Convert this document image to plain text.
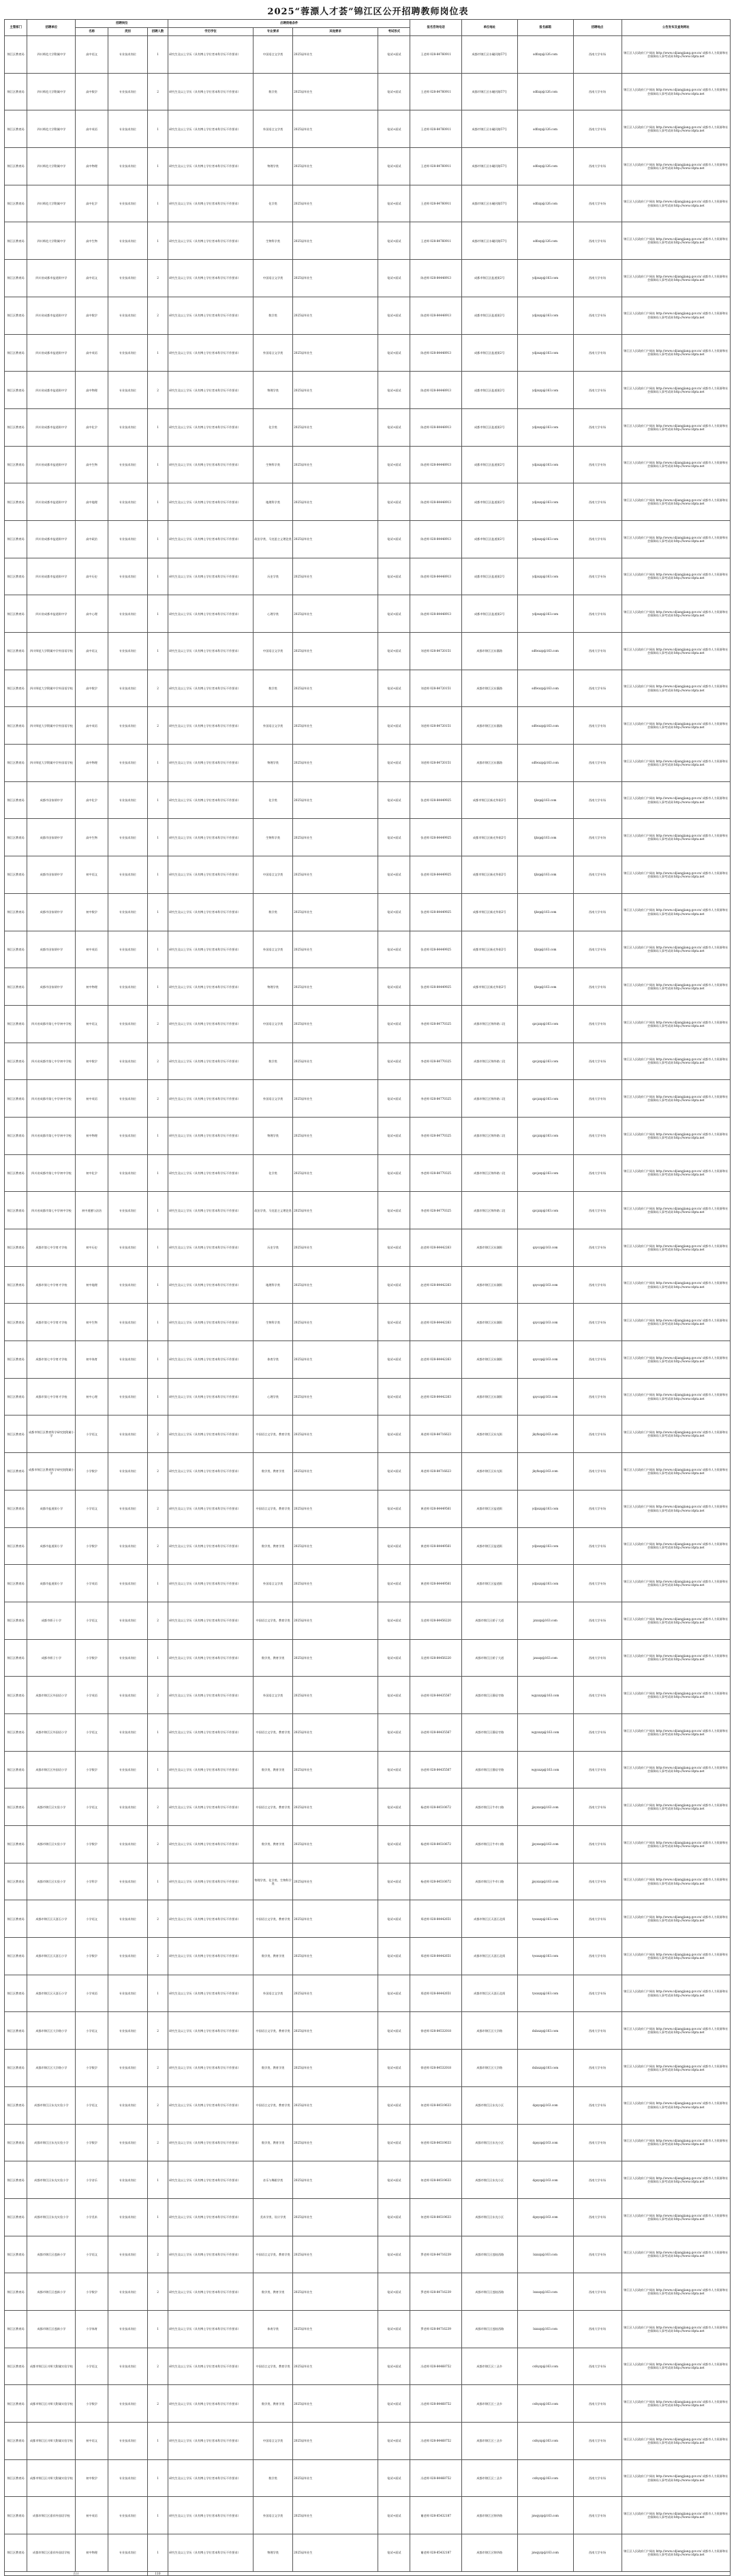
2025“蓉漂人才荟”锦江区公开招聘教师岗位表
主管部门	招聘单位	招聘岗位			应聘资格条件				报名咨询电话	单位地址	报名邮箱	招聘地点	公告发布及查询网址
		名称	类别	招聘人数	学历学位	专业要求	其他要求	考试形式					
锦江区教育局	四川师范大学附属中学	高中语文	专业技术岗位	1	研究生及以上学历（具有博士学位者本科学历不作要求）	中国语言文学类	2025届毕业生	笔试+面试	王老师 028-84760911	成都市锦江区水碾河路57号	sdfzzp@126.com	西南大学专场	锦江区人民政府门户网站 http://www.cdjiangjiang.gov.cn/ 成都市人力资源和社会保障局人事考试网 http://www.cdpta.net
锦江区教育局	四川师范大学附属中学	高中数学	专业技术岗位	2	研究生及以上学历（具有博士学位者本科学历不作要求）	数学类	2025届毕业生	笔试+面试	王老师 028-84760911	成都市锦江区水碾河路57号	sdfzzp@126.com	西南大学专场	锦江区人民政府门户网站 http://www.cdjiangjiang.gov.cn/ 成都市人力资源和社会保障局人事考试网 http://www.cdpta.net
锦江区教育局	四川师范大学附属中学	高中英语	专业技术岗位	1	研究生及以上学历（具有博士学位者本科学历不作要求）	外国语言文学类	2025届毕业生	笔试+面试	王老师 028-84760911	成都市锦江区水碾河路57号	sdfzzp@126.com	西南大学专场	锦江区人民政府门户网站 http://www.cdjiangjiang.gov.cn/ 成都市人力资源和社会保障局人事考试网 http://www.cdpta.net
锦江区教育局	四川师范大学附属中学	高中物理	专业技术岗位	1	研究生及以上学历（具有博士学位者本科学历不作要求）	物理学类	2025届毕业生	笔试+面试	王老师 028-84760911	成都市锦江区水碾河路57号	sdfzzp@126.com	西南大学专场	锦江区人民政府门户网站 http://www.cdjiangjiang.gov.cn/ 成都市人力资源和社会保障局人事考试网 http://www.cdpta.net
锦江区教育局	四川师范大学附属中学	高中化学	专业技术岗位	1	研究生及以上学历（具有博士学位者本科学历不作要求）	化学类	2025届毕业生	笔试+面试	王老师 028-84760911	成都市锦江区水碾河路57号	sdfzzp@126.com	西南大学专场	锦江区人民政府门户网站 http://www.cdjiangjiang.gov.cn/ 成都市人力资源和社会保障局人事考试网 http://www.cdpta.net
锦江区教育局	四川师范大学附属中学	高中生物	专业技术岗位	1	研究生及以上学历（具有博士学位者本科学历不作要求）	生物科学类	2025届毕业生	笔试+面试	王老师 028-84760911	成都市锦江区水碾河路57号	sdfzzp@126.com	西南大学专场	锦江区人民政府门户网站 http://www.cdjiangjiang.gov.cn/ 成都市人力资源和社会保障局人事考试网 http://www.cdpta.net
锦江区教育局	四川省成都市盐道街中学	高中语文	专业技术岗位	2	研究生及以上学历（具有博士学位者本科学历不作要求）	中国语言文学类	2025届毕业生	笔试+面试	陈老师 028-84448913	成都市锦江区盐道街2号	ydjzxzp@163.com	西南大学专场	锦江区人民政府门户网站 http://www.cdjiangjiang.gov.cn/ 成都市人力资源和社会保障局人事考试网 http://www.cdpta.net
锦江区教育局	四川省成都市盐道街中学	高中数学	专业技术岗位	2	研究生及以上学历（具有博士学位者本科学历不作要求）	数学类	2025届毕业生	笔试+面试	陈老师 028-84448913	成都市锦江区盐道街2号	ydjzxzp@163.com	西南大学专场	锦江区人民政府门户网站 http://www.cdjiangjiang.gov.cn/ 成都市人力资源和社会保障局人事考试网 http://www.cdpta.net
锦江区教育局	四川省成都市盐道街中学	高中英语	专业技术岗位	1	研究生及以上学历（具有博士学位者本科学历不作要求）	外国语言文学类	2025届毕业生	笔试+面试	陈老师 028-84448913	成都市锦江区盐道街2号	ydjzxzp@163.com	西南大学专场	锦江区人民政府门户网站 http://www.cdjiangjiang.gov.cn/ 成都市人力资源和社会保障局人事考试网 http://www.cdpta.net
锦江区教育局	四川省成都市盐道街中学	高中物理	专业技术岗位	2	研究生及以上学历（具有博士学位者本科学历不作要求）	物理学类	2025届毕业生	笔试+面试	陈老师 028-84448913	成都市锦江区盐道街2号	ydjzxzp@163.com	西南大学专场	锦江区人民政府门户网站 http://www.cdjiangjiang.gov.cn/ 成都市人力资源和社会保障局人事考试网 http://www.cdpta.net
锦江区教育局	四川省成都市盐道街中学	高中化学	专业技术岗位	1	研究生及以上学历（具有博士学位者本科学历不作要求）	化学类	2025届毕业生	笔试+面试	陈老师 028-84448913	成都市锦江区盐道街2号	ydjzxzp@163.com	西南大学专场	锦江区人民政府门户网站 http://www.cdjiangjiang.gov.cn/ 成都市人力资源和社会保障局人事考试网 http://www.cdpta.net
锦江区教育局	四川省成都市盐道街中学	高中生物	专业技术岗位	1	研究生及以上学历（具有博士学位者本科学历不作要求）	生物科学类	2025届毕业生	笔试+面试	陈老师 028-84448913	成都市锦江区盐道街2号	ydjzxzp@163.com	西南大学专场	锦江区人民政府门户网站 http://www.cdjiangjiang.gov.cn/ 成都市人力资源和社会保障局人事考试网 http://www.cdpta.net
锦江区教育局	四川省成都市盐道街中学	高中地理	专业技术岗位	1	研究生及以上学历（具有博士学位者本科学历不作要求）	地理科学类	2025届毕业生	笔试+面试	陈老师 028-84448913	成都市锦江区盐道街2号	ydjzxzp@163.com	西南大学专场	锦江区人民政府门户网站 http://www.cdjiangjiang.gov.cn/ 成都市人力资源和社会保障局人事考试网 http://www.cdpta.net
锦江区教育局	四川省成都市盐道街中学	高中政治	专业技术岗位	1	研究生及以上学历（具有博士学位者本科学历不作要求）	政治学类、马克思主义理论类	2025届毕业生	笔试+面试	陈老师 028-84448913	成都市锦江区盐道街2号	ydjzxzp@163.com	西南大学专场	锦江区人民政府门户网站 http://www.cdjiangjiang.gov.cn/ 成都市人力资源和社会保障局人事考试网 http://www.cdpta.net
锦江区教育局	四川省成都市盐道街中学	高中历史	专业技术岗位	1	研究生及以上学历（具有博士学位者本科学历不作要求）	历史学类	2025届毕业生	笔试+面试	陈老师 028-84448913	成都市锦江区盐道街2号	ydjzxzp@163.com	西南大学专场	锦江区人民政府门户网站 http://www.cdjiangjiang.gov.cn/ 成都市人力资源和社会保障局人事考试网 http://www.cdpta.net
锦江区教育局	四川省成都市盐道街中学	高中心理	专业技术岗位	1	研究生及以上学历（具有博士学位者本科学历不作要求）	心理学类	2025届毕业生	笔试+面试	陈老师 028-84448913	成都市锦江区盐道街2号	ydjzxzp@163.com	西南大学专场	锦江区人民政府门户网站 http://www.cdjiangjiang.gov.cn/ 成都市人力资源和社会保障局人事考试网 http://www.cdpta.net
锦江区教育局	四川师范大学附属中学外国语学校	高中语文	专业技术岗位	1	研究生及以上学历（具有博士学位者本科学历不作要求）	中国语言文学类	2025届毕业生	笔试+面试	刘老师 028-84720151	成都市锦江区东篱路	sdfwxzp@163.com	西南大学专场	锦江区人民政府门户网站 http://www.cdjiangjiang.gov.cn/ 成都市人力资源和社会保障局人事考试网 http://www.cdpta.net
锦江区教育局	四川师范大学附属中学外国语学校	高中数学	专业技术岗位	2	研究生及以上学历（具有博士学位者本科学历不作要求）	数学类	2025届毕业生	笔试+面试	刘老师 028-84720151	成都市锦江区东篱路	sdfwxzp@163.com	西南大学专场	锦江区人民政府门户网站 http://www.cdjiangjiang.gov.cn/ 成都市人力资源和社会保障局人事考试网 http://www.cdpta.net
锦江区教育局	四川师范大学附属中学外国语学校	高中英语	专业技术岗位	2	研究生及以上学历（具有博士学位者本科学历不作要求）	外国语言文学类	2025届毕业生	笔试+面试	刘老师 028-84720151	成都市锦江区东篱路	sdfwxzp@163.com	西南大学专场	锦江区人民政府门户网站 http://www.cdjiangjiang.gov.cn/ 成都市人力资源和社会保障局人事考试网 http://www.cdpta.net
锦江区教育局	四川师范大学附属中学外国语学校	高中物理	专业技术岗位	1	研究生及以上学历（具有博士学位者本科学历不作要求）	物理学类	2025届毕业生	笔试+面试	刘老师 028-84720151	成都市锦江区东篱路	sdfwxzp@163.com	西南大学专场	锦江区人民政府门户网站 http://www.cdjiangjiang.gov.cn/ 成都市人力资源和社会保障局人事考试网 http://www.cdpta.net
锦江区教育局	成都市田家炳中学	高中化学	专业技术岗位	1	研究生及以上学历（具有博士学位者本科学历不作要求）	化学类	2025届毕业生	笔试+面试	张老师 028-84449925	成都市锦江区新光华街2号	tjbzp@163.com	西南大学专场	锦江区人民政府门户网站 http://www.cdjiangjiang.gov.cn/ 成都市人力资源和社会保障局人事考试网 http://www.cdpta.net
锦江区教育局	成都市田家炳中学	高中生物	专业技术岗位	1	研究生及以上学历（具有博士学位者本科学历不作要求）	生物科学类	2025届毕业生	笔试+面试	张老师 028-84449925	成都市锦江区新光华街2号	tjbzp@163.com	西南大学专场	锦江区人民政府门户网站 http://www.cdjiangjiang.gov.cn/ 成都市人力资源和社会保障局人事考试网 http://www.cdpta.net
锦江区教育局	成都市田家炳中学	初中语文	专业技术岗位	1	研究生及以上学历（具有博士学位者本科学历不作要求）	中国语言文学类	2025届毕业生	笔试+面试	张老师 028-84449925	成都市锦江区新光华街2号	tjbzp@163.com	西南大学专场	锦江区人民政府门户网站 http://www.cdjiangjiang.gov.cn/ 成都市人力资源和社会保障局人事考试网 http://www.cdpta.net
锦江区教育局	成都市田家炳中学	初中数学	专业技术岗位	1	研究生及以上学历（具有博士学位者本科学历不作要求）	数学类	2025届毕业生	笔试+面试	张老师 028-84449925	成都市锦江区新光华街2号	tjbzp@163.com	西南大学专场	锦江区人民政府门户网站 http://www.cdjiangjiang.gov.cn/ 成都市人力资源和社会保障局人事考试网 http://www.cdpta.net
锦江区教育局	成都市田家炳中学	初中英语	专业技术岗位	1	研究生及以上学历（具有博士学位者本科学历不作要求）	外国语言文学类	2025届毕业生	笔试+面试	张老师 028-84449925	成都市锦江区新光华街2号	tjbzp@163.com	西南大学专场	锦江区人民政府门户网站 http://www.cdjiangjiang.gov.cn/ 成都市人力资源和社会保障局人事考试网 http://www.cdpta.net
锦江区教育局	成都市田家炳中学	初中物理	专业技术岗位	1	研究生及以上学历（具有博士学位者本科学历不作要求）	物理学类	2025届毕业生	笔试+面试	张老师 028-84449925	成都市锦江区新光华街2号	tjbzp@163.com	西南大学专场	锦江区人民政府门户网站 http://www.cdjiangjiang.gov.cn/ 成都市人力资源和社会保障局人事考试网 http://www.cdpta.net
锦江区教育局	四川省成都市第七中学初中学校	初中语文	专业技术岗位	2	研究生及以上学历（具有博士学位者本科学历不作要求）	中国语言文学类	2025届毕业生	笔试+面试	李老师 028-84770325	成都市锦江区锦华路二段	qzcjzzp@163.com	西南大学专场	锦江区人民政府门户网站 http://www.cdjiangjiang.gov.cn/ 成都市人力资源和社会保障局人事考试网 http://www.cdpta.net
锦江区教育局	四川省成都市第七中学初中学校	初中数学	专业技术岗位	2	研究生及以上学历（具有博士学位者本科学历不作要求）	数学类	2025届毕业生	笔试+面试	李老师 028-84770325	成都市锦江区锦华路二段	qzcjzzp@163.com	西南大学专场	锦江区人民政府门户网站 http://www.cdjiangjiang.gov.cn/ 成都市人力资源和社会保障局人事考试网 http://www.cdpta.net
锦江区教育局	四川省成都市第七中学初中学校	初中英语	专业技术岗位	2	研究生及以上学历（具有博士学位者本科学历不作要求）	外国语言文学类	2025届毕业生	笔试+面试	李老师 028-84770325	成都市锦江区锦华路二段	qzcjzzp@163.com	西南大学专场	锦江区人民政府门户网站 http://www.cdjiangjiang.gov.cn/ 成都市人力资源和社会保障局人事考试网 http://www.cdpta.net
锦江区教育局	四川省成都市第七中学初中学校	初中物理	专业技术岗位	1	研究生及以上学历（具有博士学位者本科学历不作要求）	物理学类	2025届毕业生	笔试+面试	李老师 028-84770325	成都市锦江区锦华路二段	qzcjzzp@163.com	西南大学专场	锦江区人民政府门户网站 http://www.cdjiangjiang.gov.cn/ 成都市人力资源和社会保障局人事考试网 http://www.cdpta.net
锦江区教育局	四川省成都市第七中学初中学校	初中化学	专业技术岗位	1	研究生及以上学历（具有博士学位者本科学历不作要求）	化学类	2025届毕业生	笔试+面试	李老师 028-84770325	成都市锦江区锦华路二段	qzcjzzp@163.com	西南大学专场	锦江区人民政府门户网站 http://www.cdjiangjiang.gov.cn/ 成都市人力资源和社会保障局人事考试网 http://www.cdpta.net
锦江区教育局	四川省成都市第七中学初中学校	初中道德与法治	专业技术岗位	1	研究生及以上学历（具有博士学位者本科学历不作要求）	政治学类、马克思主义理论类	2025届毕业生	笔试+面试	李老师 028-84770325	成都市锦江区锦华路二段	qzcjzzp@163.com	西南大学专场	锦江区人民政府门户网站 http://www.cdjiangjiang.gov.cn/ 成都市人力资源和社会保障局人事考试网 http://www.cdpta.net
锦江区教育局	成都市第七中学育才学校	初中历史	专业技术岗位	1	研究生及以上学历（具有博士学位者本科学历不作要求）	历史学类	2025届毕业生	笔试+面试	赵老师 028-84442263	成都市锦江区东湖街	qzyczp@163.com	西南大学专场	锦江区人民政府门户网站 http://www.cdjiangjiang.gov.cn/ 成都市人力资源和社会保障局人事考试网 http://www.cdpta.net
锦江区教育局	成都市第七中学育才学校	初中地理	专业技术岗位	1	研究生及以上学历（具有博士学位者本科学历不作要求）	地理科学类	2025届毕业生	笔试+面试	赵老师 028-84442263	成都市锦江区东湖街	qzyczp@163.com	西南大学专场	锦江区人民政府门户网站 http://www.cdjiangjiang.gov.cn/ 成都市人力资源和社会保障局人事考试网 http://www.cdpta.net
锦江区教育局	成都市第七中学育才学校	初中生物	专业技术岗位	1	研究生及以上学历（具有博士学位者本科学历不作要求）	生物科学类	2025届毕业生	笔试+面试	赵老师 028-84442263	成都市锦江区东湖街	qzyczp@163.com	西南大学专场	锦江区人民政府门户网站 http://www.cdjiangjiang.gov.cn/ 成都市人力资源和社会保障局人事考试网 http://www.cdpta.net
锦江区教育局	成都市第七中学育才学校	初中体育	专业技术岗位	1	研究生及以上学历（具有博士学位者本科学历不作要求）	体育学类	2025届毕业生	笔试+面试	赵老师 028-84442263	成都市锦江区东湖街	qzyczp@163.com	西南大学专场	锦江区人民政府门户网站 http://www.cdjiangjiang.gov.cn/ 成都市人力资源和社会保障局人事考试网 http://www.cdpta.net
锦江区教育局	成都市第七中学育才学校	初中心理	专业技术岗位	1	研究生及以上学历（具有博士学位者本科学历不作要求）	心理学类	2025届毕业生	笔试+面试	赵老师 028-84442263	成都市锦江区东湖街	qzyczp@163.com	西南大学专场	锦江区人民政府门户网站 http://www.cdjiangjiang.gov.cn/ 成都市人力资源和社会保障局人事考试网 http://www.cdpta.net
锦江区教育局	成都市锦江区教育科学研究院附属小学	小学语文	专业技术岗位	2	研究生及以上学历（具有博士学位者本科学历不作要求）	中国语言文学类、教育学类	2025届毕业生	笔试+面试	周老师 028-84716623	成都市锦江区东光街	jkyfxzp@163.com	西南大学专场	锦江区人民政府门户网站 http://www.cdjiangjiang.gov.cn/ 成都市人力资源和社会保障局人事考试网 http://www.cdpta.net
锦江区教育局	成都市锦江区教育科学研究院附属小学	小学数学	专业技术岗位	2	研究生及以上学历（具有博士学位者本科学历不作要求）	数学类、教育学类	2025届毕业生	笔试+面试	周老师 028-84716623	成都市锦江区东光街	jkyfxzp@163.com	西南大学专场	锦江区人民政府门户网站 http://www.cdjiangjiang.gov.cn/ 成都市人力资源和社会保障局人事考试网 http://www.cdpta.net
锦江区教育局	成都市盐道街小学	小学语文	专业技术岗位	2	研究生及以上学历（具有博士学位者本科学历不作要求）	中国语言文学类、教育学类	2025届毕业生	笔试+面试	黄老师 028-84449561	成都市锦江区盐道街	ydjxxzp@163.com	西南大学专场	锦江区人民政府门户网站 http://www.cdjiangjiang.gov.cn/ 成都市人力资源和社会保障局人事考试网 http://www.cdpta.net
锦江区教育局	成都市盐道街小学	小学数学	专业技术岗位	2	研究生及以上学历（具有博士学位者本科学历不作要求）	数学类、教育学类	2025届毕业生	笔试+面试	黄老师 028-84449561	成都市锦江区盐道街	ydjxxzp@163.com	西南大学专场	锦江区人民政府门户网站 http://www.cdjiangjiang.gov.cn/ 成都市人力资源和社会保障局人事考试网 http://www.cdpta.net
锦江区教育局	成都市盐道街小学	小学英语	专业技术岗位	1	研究生及以上学历（具有博士学位者本科学历不作要求）	外国语言文学类	2025届毕业生	笔试+面试	黄老师 028-84449561	成都市锦江区盐道街	ydjxxzp@163.com	西南大学专场	锦江区人民政府门户网站 http://www.cdjiangjiang.gov.cn/ 成都市人力资源和社会保障局人事考试网 http://www.cdpta.net
锦江区教育局	成都市娇子小学	小学语文	专业技术岗位	2	研究生及以上学历（具有博士学位者本科学历不作要求）	中国语言文学类、教育学类	2025届毕业生	笔试+面试	吴老师 028-84456220	成都市锦江区娇子大道	jzxxzp@163.com	西南大学专场	锦江区人民政府门户网站 http://www.cdjiangjiang.gov.cn/ 成都市人力资源和社会保障局人事考试网 http://www.cdpta.net
锦江区教育局	成都市娇子小学	小学数学	专业技术岗位	1	研究生及以上学历（具有博士学位者本科学历不作要求）	数学类、教育学类	2025届毕业生	笔试+面试	吴老师 028-84456220	成都市锦江区娇子大道	jzxxzp@163.com	西南大学专场	锦江区人民政府门户网站 http://www.cdjiangjiang.gov.cn/ 成都市人力资源和社会保障局人事考试网 http://www.cdpta.net
锦江区教育局	成都市锦江区外国语小学	小学英语	专业技术岗位	2	研究生及以上学历（具有博士学位者本科学历不作要求）	外国语言文学类	2025届毕业生	笔试+面试	孙老师 028-84435567	成都市锦江区静居寺路	wgyxxzp@163.com	西南大学专场	锦江区人民政府门户网站 http://www.cdjiangjiang.gov.cn/ 成都市人力资源和社会保障局人事考试网 http://www.cdpta.net
锦江区教育局	成都市锦江区外国语小学	小学语文	专业技术岗位	1	研究生及以上学历（具有博士学位者本科学历不作要求）	中国语言文学类、教育学类	2025届毕业生	笔试+面试	孙老师 028-84435567	成都市锦江区静居寺路	wgyxxzp@163.com	西南大学专场	锦江区人民政府门户网站 http://www.cdjiangjiang.gov.cn/ 成都市人力资源和社会保障局人事考试网 http://www.cdpta.net
锦江区教育局	成都市锦江区外国语小学	小学数学	专业技术岗位	1	研究生及以上学历（具有博士学位者本科学历不作要求）	数学类、教育学类	2025届毕业生	笔试+面试	孙老师 028-84435567	成都市锦江区静居寺路	wgyxxzp@163.com	西南大学专场	锦江区人民政府门户网站 http://www.cdjiangjiang.gov.cn/ 成都市人力资源和社会保障局人事考试网 http://www.cdpta.net
锦江区教育局	成都市锦江区实验小学	小学语文	专业技术岗位	2	研究生及以上学历（具有博士学位者本科学历不作要求）	中国语言文学类、教育学类	2025届毕业生	笔试+面试	杨老师 028-84510672	成都市锦江区牛市口路	jjsyxxzp@163.com	西南大学专场	锦江区人民政府门户网站 http://www.cdjiangjiang.gov.cn/ 成都市人力资源和社会保障局人事考试网 http://www.cdpta.net
锦江区教育局	成都市锦江区实验小学	小学数学	专业技术岗位	2	研究生及以上学历（具有博士学位者本科学历不作要求）	数学类、教育学类	2025届毕业生	笔试+面试	杨老师 028-84510672	成都市锦江区牛市口路	jjsyxxzp@163.com	西南大学专场	锦江区人民政府门户网站 http://www.cdjiangjiang.gov.cn/ 成都市人力资源和社会保障局人事考试网 http://www.cdpta.net
锦江区教育局	成都市锦江区实验小学	小学科学	专业技术岗位	1	研究生及以上学历（具有博士学位者本科学历不作要求）	物理学类、化学类、生物科学类	2025届毕业生	笔试+面试	杨老师 028-84510672	成都市锦江区牛市口路	jjsyxxzp@163.com	西南大学专场	锦江区人民政府门户网站 http://www.cdjiangjiang.gov.cn/ 成都市人力资源和社会保障局人事考试网 http://www.cdpta.net
锦江区教育局	成都市锦江区天涯石小学	小学语文	专业技术岗位	2	研究生及以上学历（具有博士学位者本科学历不作要求）	中国语言文学类、教育学类	2025届毕业生	笔试+面试	郑老师 028-84442651	成都市锦江区天涯石北街	tysxxzp@163.com	西南大学专场	锦江区人民政府门户网站 http://www.cdjiangjiang.gov.cn/ 成都市人力资源和社会保障局人事考试网 http://www.cdpta.net
锦江区教育局	成都市锦江区天涯石小学	小学数学	专业技术岗位	2	研究生及以上学历（具有博士学位者本科学历不作要求）	数学类、教育学类	2025届毕业生	笔试+面试	郑老师 028-84442651	成都市锦江区天涯石北街	tysxxzp@163.com	西南大学专场	锦江区人民政府门户网站 http://www.cdjiangjiang.gov.cn/ 成都市人力资源和社会保障局人事考试网 http://www.cdpta.net
锦江区教育局	成都市锦江区天涯石小学	小学英语	专业技术岗位	1	研究生及以上学历（具有博士学位者本科学历不作要求）	外国语言文学类	2025届毕业生	笔试+面试	郑老师 028-84442651	成都市锦江区天涯石北街	tysxxzp@163.com	西南大学专场	锦江区人民政府门户网站 http://www.cdjiangjiang.gov.cn/ 成都市人力资源和社会保障局人事考试网 http://www.cdpta.net
锦江区教育局	成都市锦江区大学路小学	小学语文	专业技术岗位	2	研究生及以上学历（具有博士学位者本科学历不作要求）	中国语言文学类、教育学类	2025届毕业生	笔试+面试	徐老师 028-84532018	成都市锦江区大学路	dxlxxzp@163.com	西南大学专场	锦江区人民政府门户网站 http://www.cdjiangjiang.gov.cn/ 成都市人力资源和社会保障局人事考试网 http://www.cdpta.net
锦江区教育局	成都市锦江区大学路小学	小学数学	专业技术岗位	2	研究生及以上学历（具有博士学位者本科学历不作要求）	数学类、教育学类	2025届毕业生	笔试+面试	徐老师 028-84532018	成都市锦江区大学路	dxlxxzp@163.com	西南大学专场	锦江区人民政府门户网站 http://www.cdjiangjiang.gov.cn/ 成都市人力资源和社会保障局人事考试网 http://www.cdpta.net
锦江区教育局	成都市锦江区东光实验小学	小学语文	专业技术岗位	2	研究生及以上学历（具有博士学位者本科学历不作要求）	中国语言文学类、教育学类	2025届毕业生	笔试+面试	何老师 028-84519633	成都市锦江区东光小区	dgsyzp@163.com	西南大学专场	锦江区人民政府门户网站 http://www.cdjiangjiang.gov.cn/ 成都市人力资源和社会保障局人事考试网 http://www.cdpta.net
锦江区教育局	成都市锦江区东光实验小学	小学数学	专业技术岗位	2	研究生及以上学历（具有博士学位者本科学历不作要求）	数学类、教育学类	2025届毕业生	笔试+面试	何老师 028-84519633	成都市锦江区东光小区	dgsyzp@163.com	西南大学专场	锦江区人民政府门户网站 http://www.cdjiangjiang.gov.cn/ 成都市人力资源和社会保障局人事考试网 http://www.cdpta.net
锦江区教育局	成都市锦江区东光实验小学	小学音乐	专业技术岗位	1	研究生及以上学历（具有博士学位者本科学历不作要求）	音乐与舞蹈学类	2025届毕业生	笔试+面试	何老师 028-84519633	成都市锦江区东光小区	dgsyzp@163.com	西南大学专场	锦江区人民政府门户网站 http://www.cdjiangjiang.gov.cn/ 成都市人力资源和社会保障局人事考试网 http://www.cdpta.net
锦江区教育局	成都市锦江区东光实验小学	小学美术	专业技术岗位	1	研究生及以上学历（具有博士学位者本科学历不作要求）	美术学类、设计学类	2025届毕业生	笔试+面试	何老师 028-84519633	成都市锦江区东光小区	dgsyzp@163.com	西南大学专场	锦江区人民政府门户网站 http://www.cdjiangjiang.gov.cn/ 成都市人力资源和社会保障局人事考试网 http://www.cdpta.net
锦江区教育局	成都市锦江区莲新小学	小学语文	专业技术岗位	2	研究生及以上学历（具有博士学位者本科学历不作要求）	中国语言文学类、教育学类	2025届毕业生	笔试+面试	罗老师 028-84716239	成都市锦江区莲桂西路	lxxxzp@163.com	西南大学专场	锦江区人民政府门户网站 http://www.cdjiangjiang.gov.cn/ 成都市人力资源和社会保障局人事考试网 http://www.cdpta.net
锦江区教育局	成都市锦江区莲新小学	小学数学	专业技术岗位	2	研究生及以上学历（具有博士学位者本科学历不作要求）	数学类、教育学类	2025届毕业生	笔试+面试	罗老师 028-84716239	成都市锦江区莲桂西路	lxxxzp@163.com	西南大学专场	锦江区人民政府门户网站 http://www.cdjiangjiang.gov.cn/ 成都市人力资源和社会保障局人事考试网 http://www.cdpta.net
锦江区教育局	成都市锦江区莲新小学	小学体育	专业技术岗位	1	研究生及以上学历（具有博士学位者本科学历不作要求）	体育学类	2025届毕业生	笔试+面试	罗老师 028-84716239	成都市锦江区莲桂西路	lxxxzp@163.com	西南大学专场	锦江区人民政府门户网站 http://www.cdjiangjiang.gov.cn/ 成都市人力资源和社会保障局人事考试网 http://www.cdpta.net
锦江区教育局	成都市锦江区川师大附属实验学校	小学语文	专业技术岗位	2	研究生及以上学历（具有博士学位者本科学历不作要求）	中国语言文学类、教育学类	2025届毕业生	笔试+面试	冯老师 028-84468752	成都市锦江区三圣乡	csfsyzp@163.com	西南大学专场	锦江区人民政府门户网站 http://www.cdjiangjiang.gov.cn/ 成都市人力资源和社会保障局人事考试网 http://www.cdpta.net
锦江区教育局	成都市锦江区川师大附属实验学校	小学数学	专业技术岗位	2	研究生及以上学历（具有博士学位者本科学历不作要求）	数学类、教育学类	2025届毕业生	笔试+面试	冯老师 028-84468752	成都市锦江区三圣乡	csfsyzp@163.com	西南大学专场	锦江区人民政府门户网站 http://www.cdjiangjiang.gov.cn/ 成都市人力资源和社会保障局人事考试网 http://www.cdpta.net
锦江区教育局	成都市锦江区川师大附属实验学校	初中语文	专业技术岗位	1	研究生及以上学历（具有博士学位者本科学历不作要求）	中国语言文学类	2025届毕业生	笔试+面试	冯老师 028-84468752	成都市锦江区三圣乡	csfsyzp@163.com	西南大学专场	锦江区人民政府门户网站 http://www.cdjiangjiang.gov.cn/ 成都市人力资源和社会保障局人事考试网 http://www.cdpta.net
锦江区教育局	成都市锦江区川师大附属实验学校	初中数学	专业技术岗位	1	研究生及以上学历（具有博士学位者本科学历不作要求）	数学类	2025届毕业生	笔试+面试	冯老师 028-84468752	成都市锦江区三圣乡	csfsyzp@163.com	西南大学专场	锦江区人民政府门户网站 http://www.cdjiangjiang.gov.cn/ 成都市人力资源和社会保障局人事考试网 http://www.cdpta.net
锦江区教育局	成都市锦江区嘉祥外国语学校	初中英语	专业技术岗位	1	研究生及以上学历（具有博士学位者本科学历不作要求）	外国语言文学类	2025届毕业生	笔试+面试	谢老师 028-85432187	成都市锦江区锦华路	jxwgyzp@163.com	西南大学专场	锦江区人民政府门户网站 http://www.cdjiangjiang.gov.cn/ 成都市人力资源和社会保障局人事考试网 http://www.cdpta.net
锦江区教育局	成都市锦江区嘉祥外国语学校	初中物理	专业技术岗位	1	研究生及以上学历（具有博士学位者本科学历不作要求）	物理学类	2025届毕业生	笔试+面试	谢老师 028-85432187	成都市锦江区锦华路	jxwgyzp@163.com	西南大学专场	锦江区人民政府门户网站 http://www.cdjiangjiang.gov.cn/ 成都市人力资源和社会保障局人事考试网 http://www.cdpta.net
合计				110									
